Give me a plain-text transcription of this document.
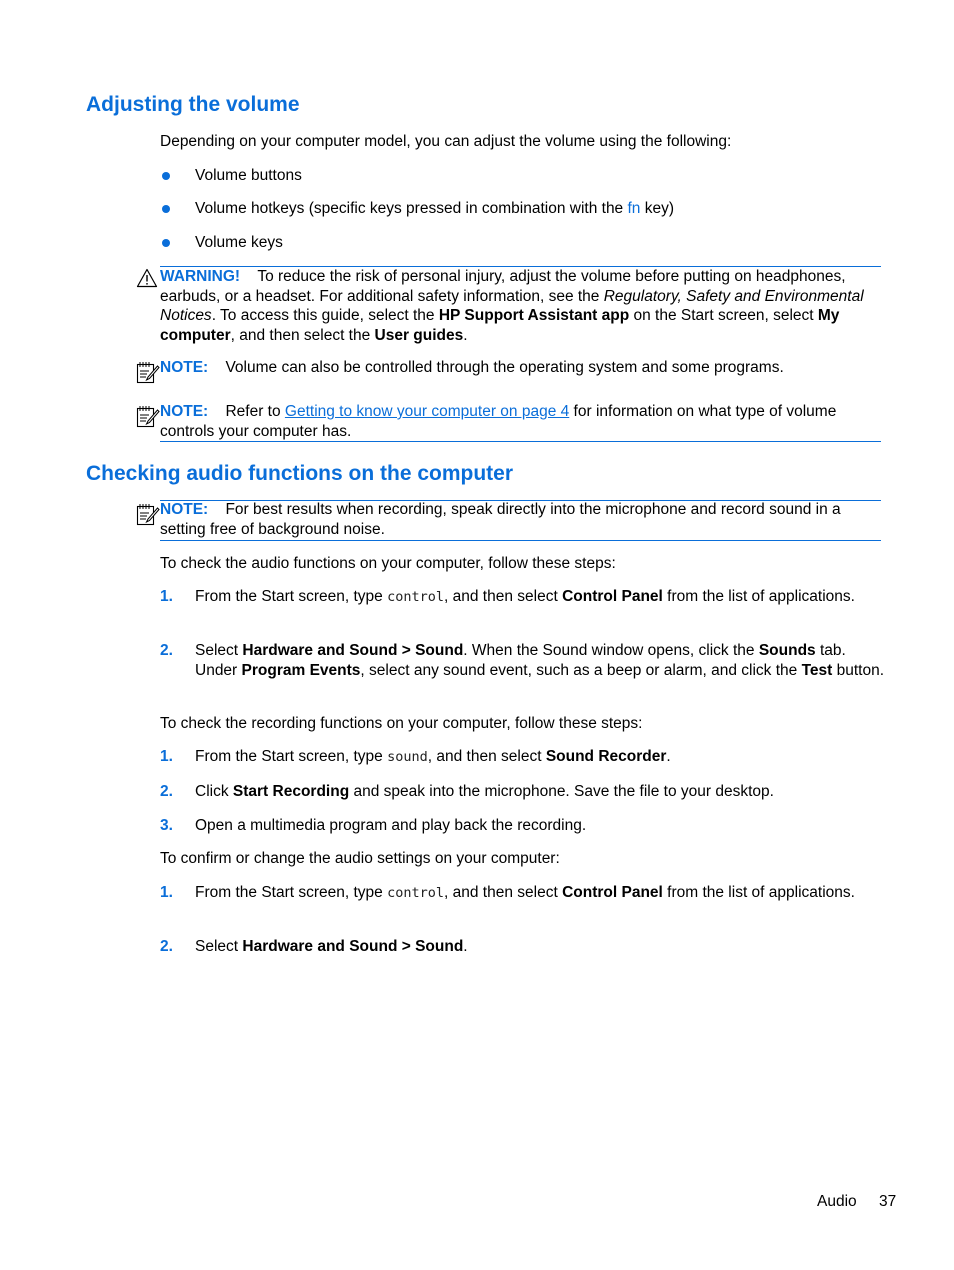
Adjusting the volume

Depending on your computer model, you can adjust the volume using the following:

Volume buttons

Volume hotkeys (specific keys pressed in combination with the fn key)

Volume keys

WARNING! To reduce the risk of personal injury, adjust the volume before putting on headphones, earbuds, or a headset. For additional safety information, see the Regulatory, Safety and Environmental Notices. To access this guide, select the HP Support Assistant app on the Start screen, select My computer, and then select the User guides.

NOTE: Volume can also be controlled through the operating system and some programs.

NOTE: Refer to Getting to know your computer on page 4 for information on what type of volume controls your computer has.

Checking audio functions on the computer

NOTE: For best results when recording, speak directly into the microphone and record sound in a setting free of background noise.

To check the audio functions on your computer, follow these steps:

1.	From the Start screen, type control, and then select Control Panel from the list of applications.

2.	Select Hardware and Sound > Sound. When the Sound window opens, click the Sounds tab. Under Program Events, select any sound event, such as a beep or alarm, and click the Test button.

To check the recording functions on your computer, follow these steps:

1.	From the Start screen, type sound, and then select Sound Recorder.

2.	Click Start Recording and speak into the microphone. Save the file to your desktop.

3.	Open a multimedia program and play back the recording.

To confirm or change the audio settings on your computer:

1.	From the Start screen, type control, and then select Control Panel from the list of applications.

2.	Select Hardware and Sound > Sound.

Audio 37
